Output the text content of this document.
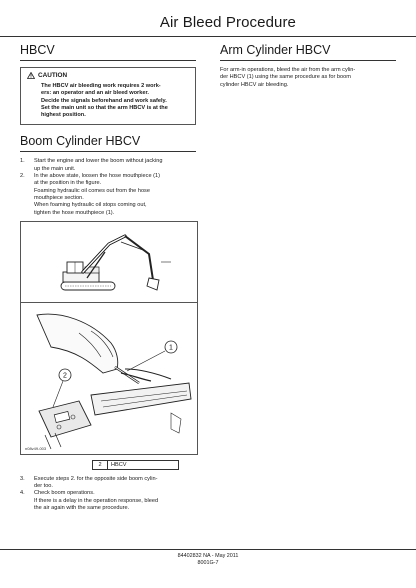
Air Bleed Procedure
HBCV
CAUTION
The HBCV air bleeding work requires 2 work-
ers: an operator and an air bleed worker.
Decide the signals beforehand and work safely.
Set the main unit so that the arm HBCV is at the
highest position.
Boom Cylinder HBCV
1.	Start the engine and lower the boom without jacking
up the main unit.
2.	In the above state, loosen the hose mouthpiece (1)
at the position in the figure.
Foaming hydraulic oil comes out from the hose
mouthpiece section.
When foaming hydraulic oil stops coming out,
tighten the hose mouthpiece (1).
1
2
n08v49-003
2	HBCV
3.	Execute steps 2. for the opposite side boom cylin-
der too.
4.	Check boom operations.
If there is a delay in the operation response, bleed
the air again with the same procedure.
Arm Cylinder HBCV
For arm-in operations, bleed the air from the arm cylin-
der HBCV (1) using the same procedure as for boom
cylinder HBCV air bleeding.
84402832 NA - May 2011
8001G-7
